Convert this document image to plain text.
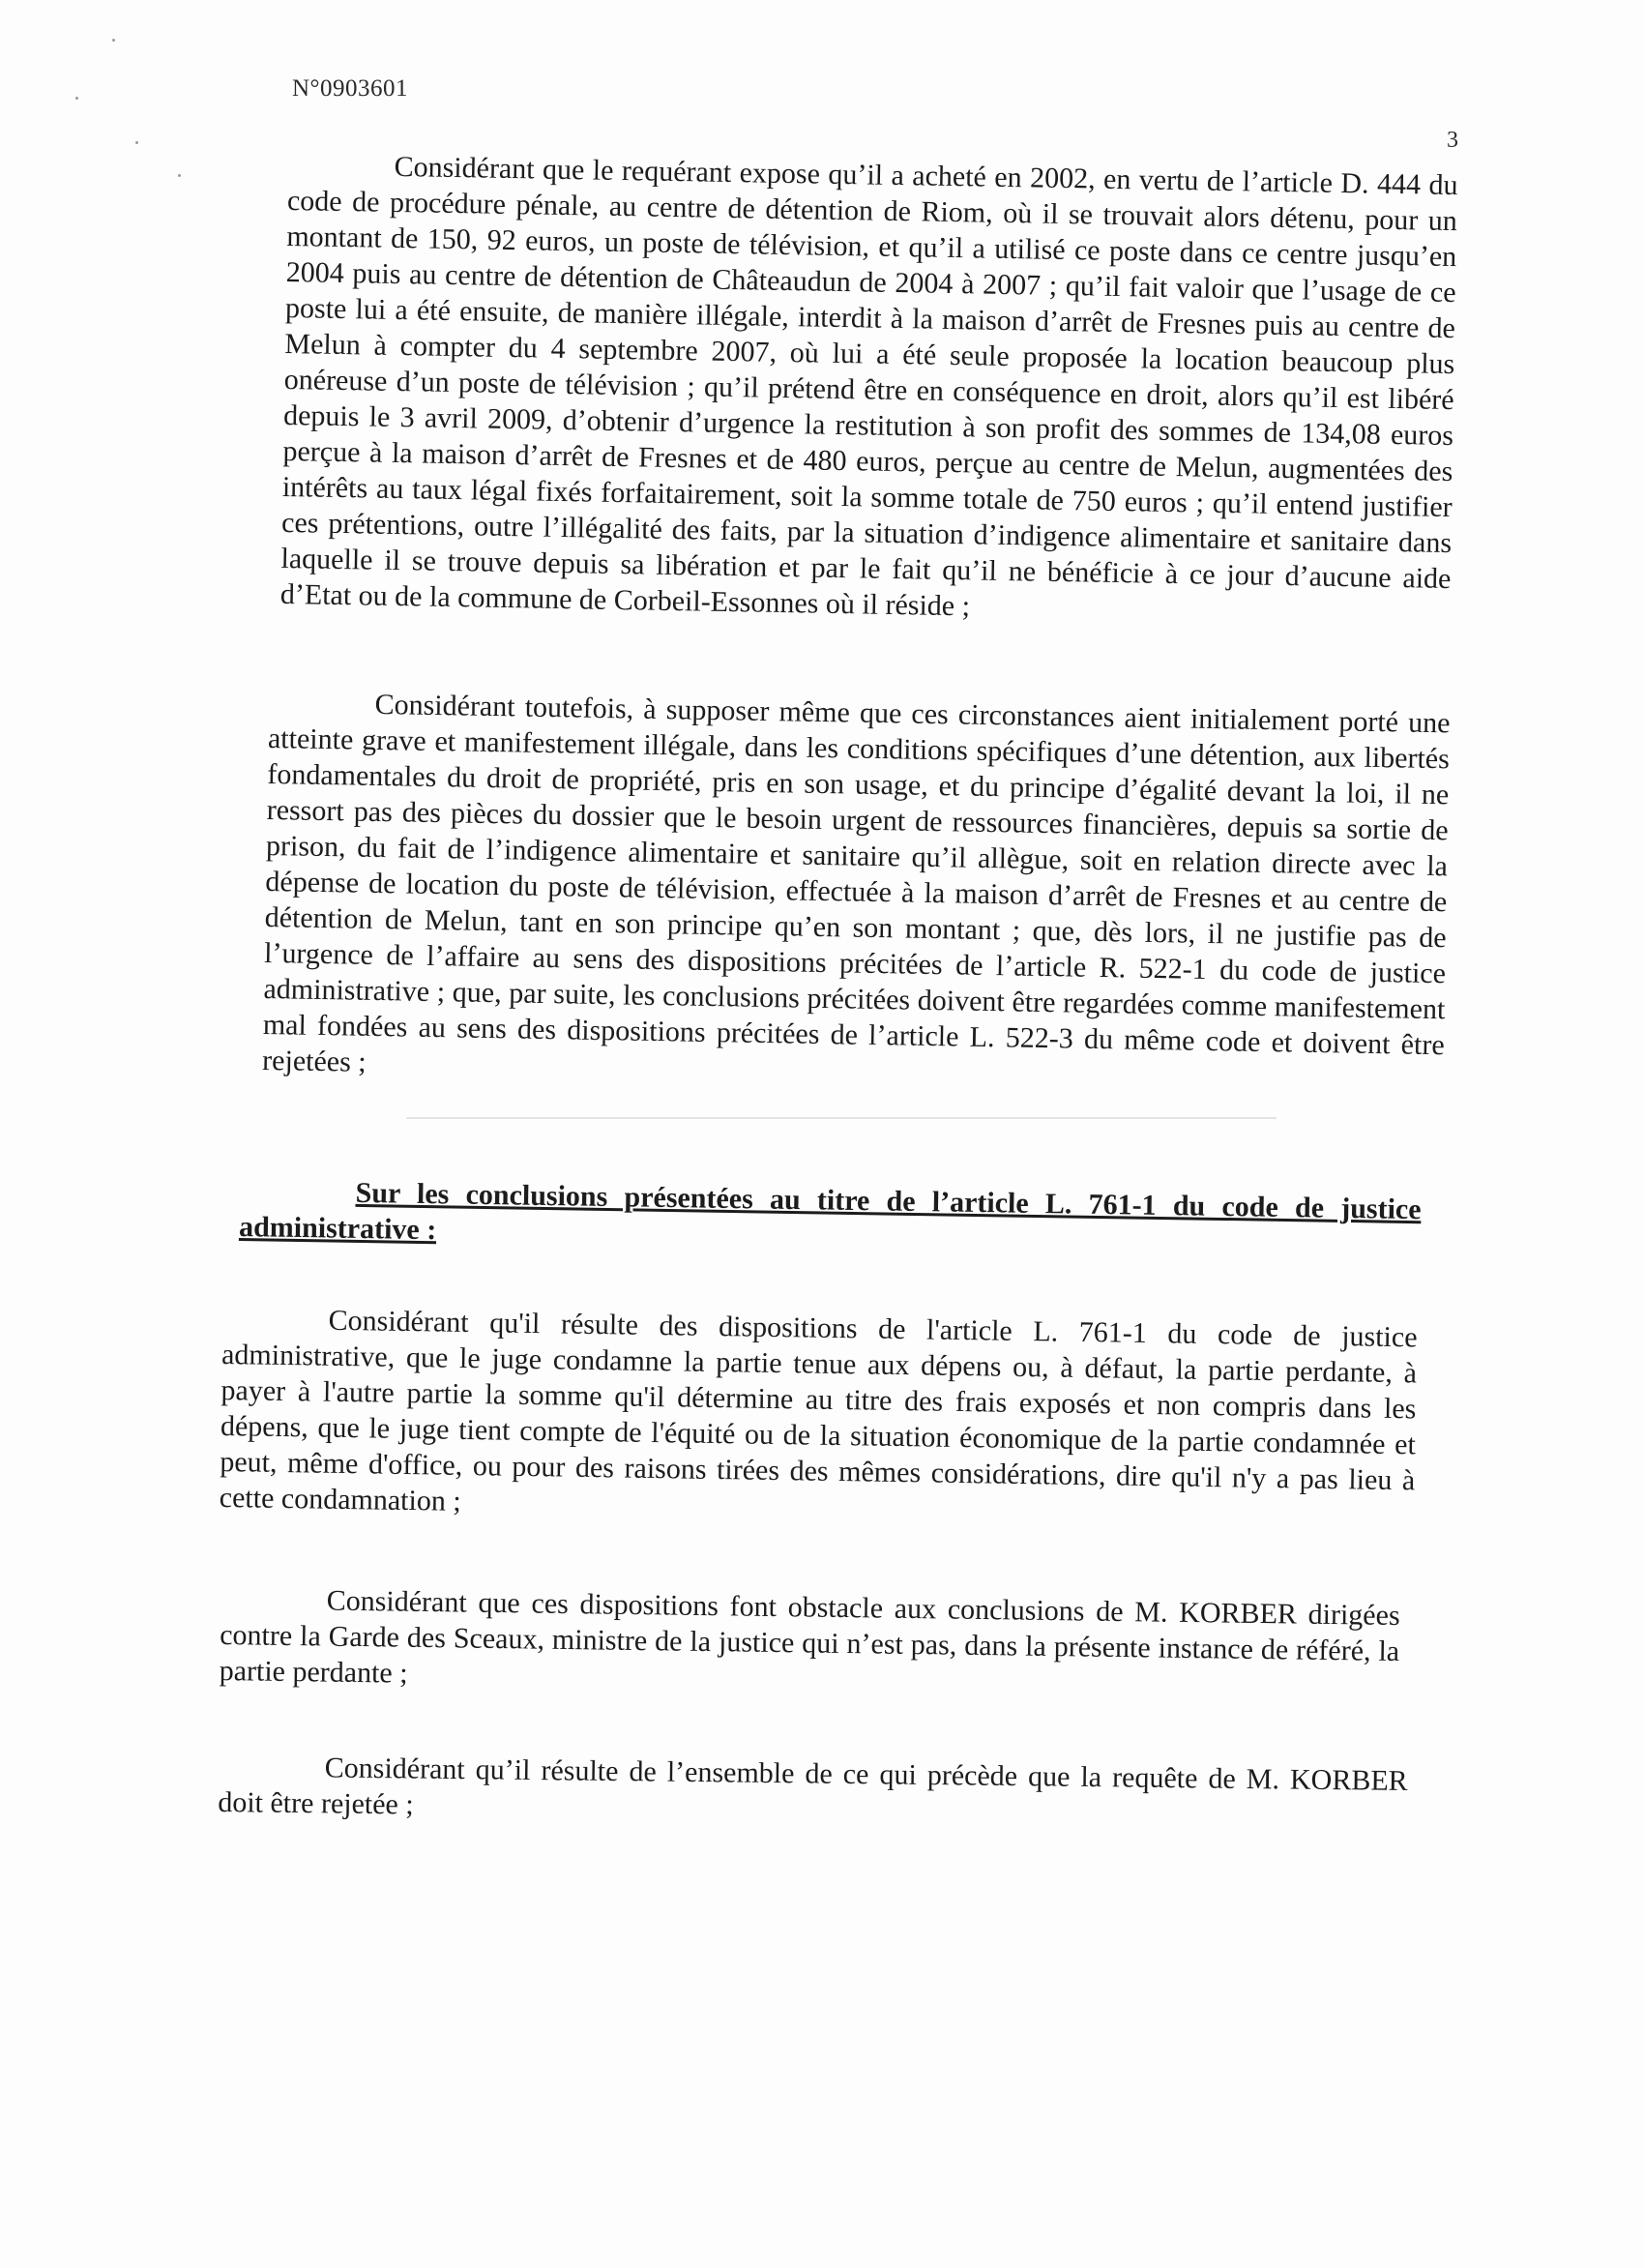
N°0903601
3

Considérant que le requérant expose qu’il a acheté en 2002, en vertu de l’article D. 444 du code de procédure pénale, au centre de détention de Riom, où il se trouvait alors détenu, pour un montant de 150, 92 euros, un poste de télévision, et qu’il a utilisé ce poste dans ce centre jusqu’en 2004 puis au centre de détention de Châteaudun de 2004 à 2007 ; qu’il fait valoir que l’usage de ce poste lui a été ensuite, de manière illégale, interdit à la maison d’arrêt de Fresnes puis au centre de Melun à compter du 4 septembre 2007, où lui a été seule proposée la location beaucoup plus onéreuse d’un poste de télévision ; qu’il prétend être en conséquence en droit, alors qu’il est libéré depuis le 3 avril 2009, d’obtenir d’urgence la restitution à son profit des sommes de 134,08 euros perçue à la maison d’arrêt de Fresnes et de 480 euros, perçue au centre de Melun, augmentées des intérêts au taux légal fixés forfaitairement, soit la somme totale de 750 euros ; qu’il entend justifier ces prétentions, outre l’illégalité des faits, par la situation d’indigence alimentaire et sanitaire dans laquelle il se trouve depuis sa libération et par le fait qu’il ne bénéficie à ce jour d’aucune aide d’Etat ou de la commune de Corbeil-Essonnes où il réside ;

Considérant toutefois, à supposer même que ces circonstances aient initialement porté une atteinte grave et manifestement illégale, dans les conditions spécifiques d’une détention, aux libertés fondamentales du droit de propriété, pris en son usage, et du principe d’égalité devant la loi, il ne ressort pas des pièces du dossier que le besoin urgent de ressources financières, depuis sa sortie de prison, du fait de l’indigence alimentaire et sanitaire qu’il allègue, soit en relation directe avec la dépense de location du poste de télévision, effectuée à la maison d’arrêt de Fresnes et au centre de détention de Melun, tant en son principe qu’en son montant ; que, dès lors, il ne justifie pas de l’urgence de l’affaire au sens des dispositions précitées de l’article R. 522-1 du code de justice administrative ; que, par suite, les conclusions précitées doivent être regardées comme manifestement mal fondées au sens des dispositions précitées de l’article L. 522-3 du même code et doivent être rejetées ;

Sur les conclusions présentées au titre de l’article L. 761-1 du code de justice administrative :

Considérant qu'il résulte des dispositions de l'article L. 761-1 du code de justice administrative, que le juge condamne la partie tenue aux dépens ou, à défaut, la partie perdante, à payer à l'autre partie la somme qu'il détermine au titre des frais exposés et non compris dans les dépens, que le juge tient compte de l'équité ou de la situation économique de la partie condamnée et peut, même d'office, ou pour des raisons tirées des mêmes considérations, dire qu'il n'y a pas lieu à cette condamnation ;

Considérant que ces dispositions font obstacle aux conclusions de M. KORBER dirigées contre la Garde des Sceaux, ministre de la justice qui n’est pas, dans la présente instance de référé, la partie perdante ;

Considérant qu’il résulte de l’ensemble de ce qui précède que la requête de M. KORBER doit être rejetée ;
